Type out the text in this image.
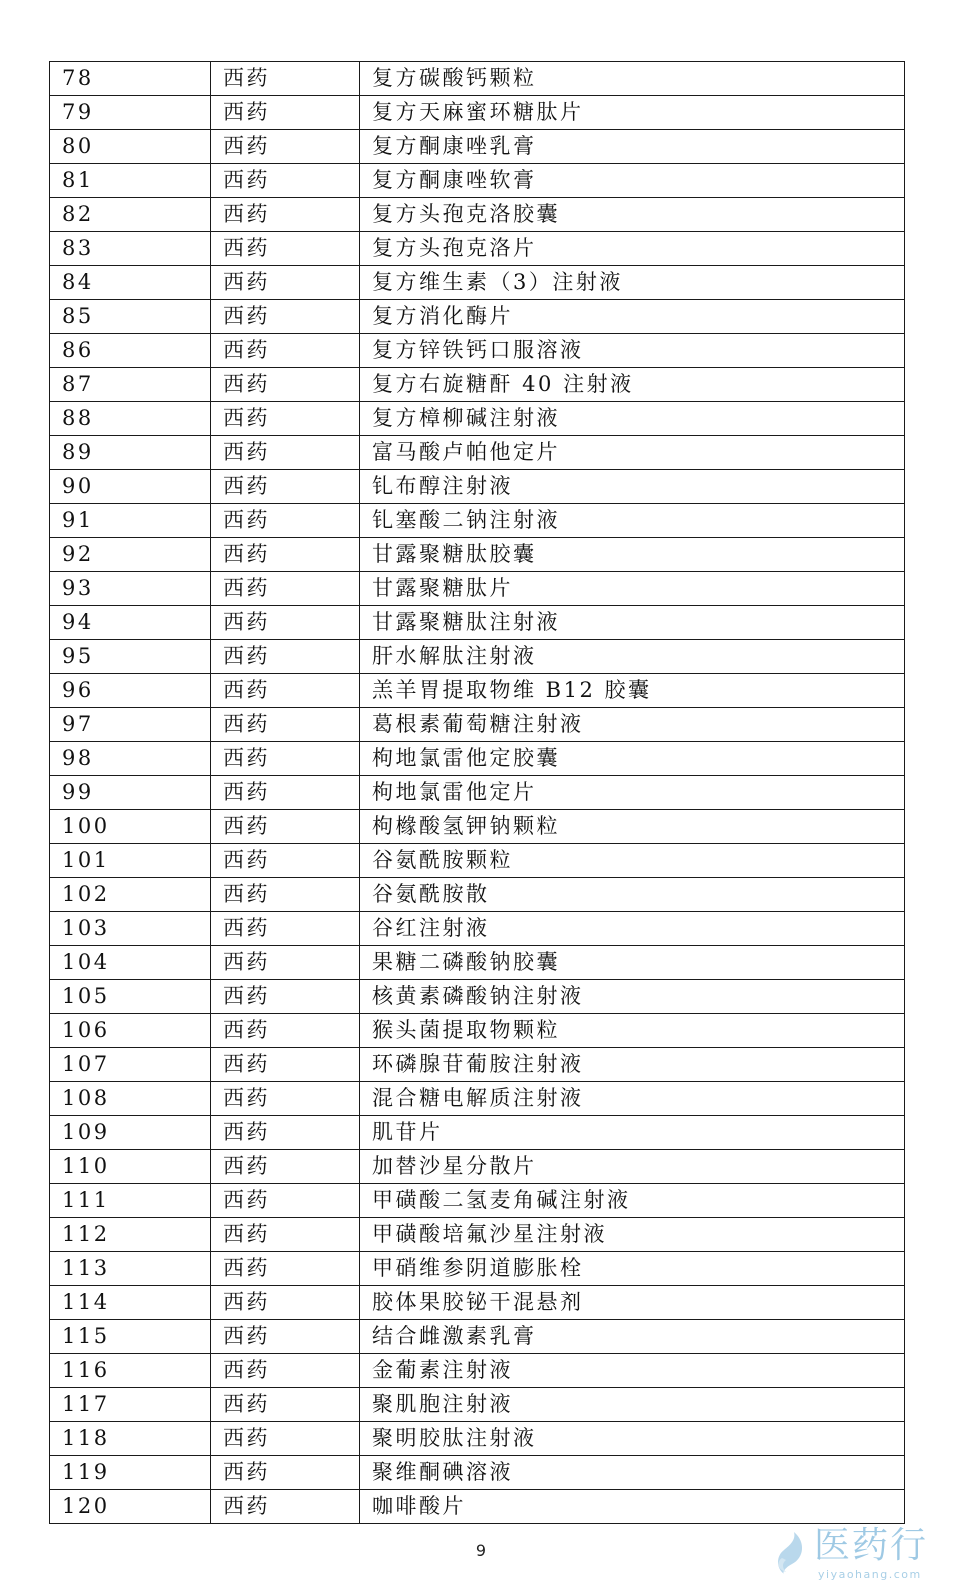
78	西药	复方碳酸钙颗粒
79	西药	复方天麻蜜环糖肽片
80	西药	复方酮康唑乳膏
81	西药	复方酮康唑软膏
82	西药	复方头孢克洛胶囊
83	西药	复方头孢克洛片
84	西药	复方维生素（3）注射液
85	西药	复方消化酶片
86	西药	复方锌铁钙口服溶液
87	西药	复方右旋糖酐 40 注射液
88	西药	复方樟柳碱注射液
89	西药	富马酸卢帕他定片
90	西药	钆布醇注射液
91	西药	钆塞酸二钠注射液
92	西药	甘露聚糖肽胶囊
93	西药	甘露聚糖肽片
94	西药	甘露聚糖肽注射液
95	西药	肝水解肽注射液
96	西药	羔羊胃提取物维 B12 胶囊
97	西药	葛根素葡萄糖注射液
98	西药	枸地氯雷他定胶囊
99	西药	枸地氯雷他定片
100	西药	枸橼酸氢钾钠颗粒
101	西药	谷氨酰胺颗粒
102	西药	谷氨酰胺散
103	西药	谷红注射液
104	西药	果糖二磷酸钠胶囊
105	西药	核黄素磷酸钠注射液
106	西药	猴头菌提取物颗粒
107	西药	环磷腺苷葡胺注射液
108	西药	混合糖电解质注射液
109	西药	肌苷片
110	西药	加替沙星分散片
111	西药	甲磺酸二氢麦角碱注射液
112	西药	甲磺酸培氟沙星注射液
113	西药	甲硝维参阴道膨胀栓
114	西药	胶体果胶铋干混悬剂
115	西药	结合雌激素乳膏
116	西药	金葡素注射液
117	西药	聚肌胞注射液
118	西药	聚明胶肽注射液
119	西药	聚维酮碘溶液
120	西药	咖啡酸片
9	医药行
yiyaohang.com
